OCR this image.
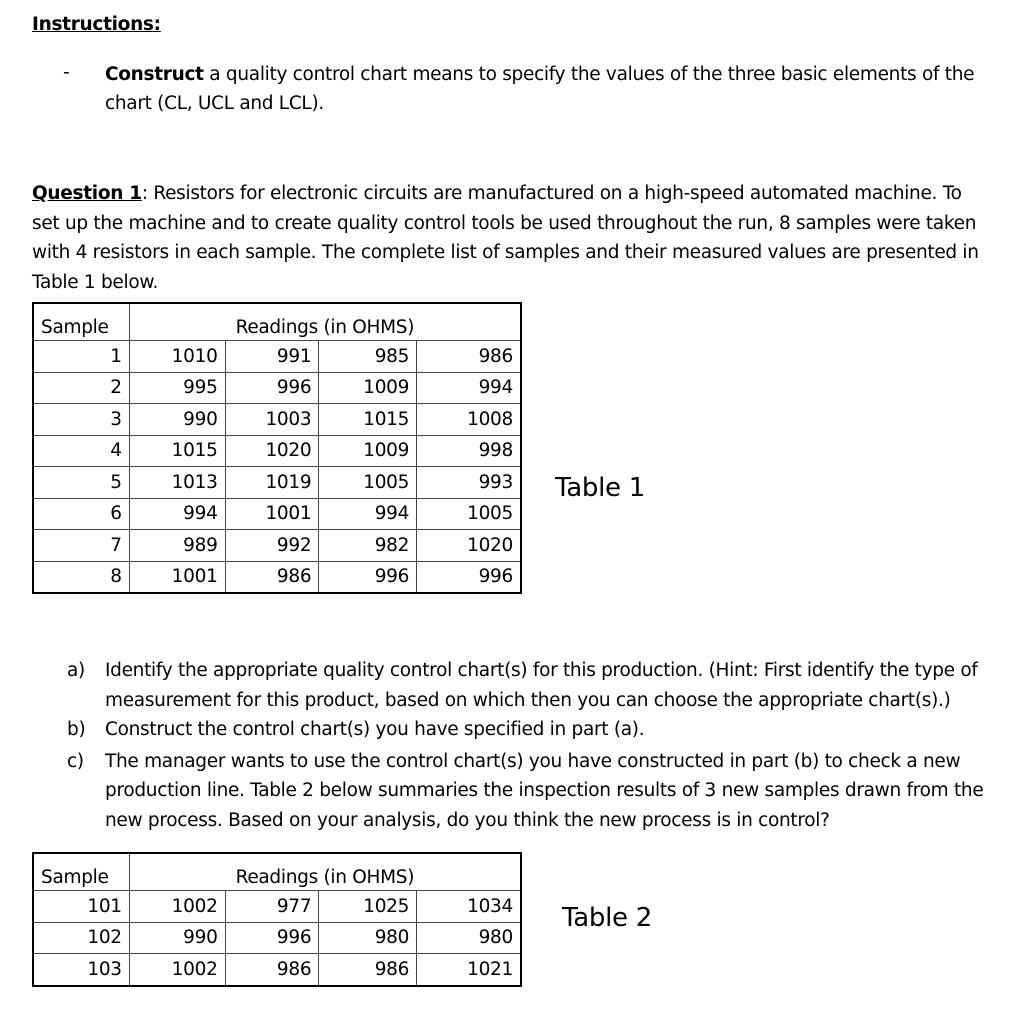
Instructions:
- Construct a quality control chart means to specify the values of the three basic elements of the chart (CL, UCL and LCL).
Question 1: Resistors for electronic circuits are manufactured on a high-speed automated machine. To set up the machine and to create quality control tools be used throughout the run, 8 samples were taken with 4 resistors in each sample. The complete list of samples and their measured values are presented in Table 1 below.
Sample	Readings (in OHMS)			
1	1010	991	985	986
2	995	996	1009	994
3	990	1003	1015	1008
4	1015	1020	1009	998
5	1013	1019	1005	993
6	994	1001	994	1005
7	989	992	982	1020
8	1001	986	996	996
Table 1
a) Identify the appropriate quality control chart(s) for this production. (Hint: First identify the type of measurement for this product, based on which then you can choose the appropriate chart(s).)
b) Construct the control chart(s) you have specified in part (a).
c) The manager wants to use the control chart(s) you have constructed in part (b) to check a new production line. Table 2 below summaries the inspection results of 3 new samples drawn from the new process. Based on your analysis, do you think the new process is in control?
Sample	Readings (in OHMS)			
101	1002	977	1025	1034
102	990	996	980	980
103	1002	986	986	1021
Table 2
